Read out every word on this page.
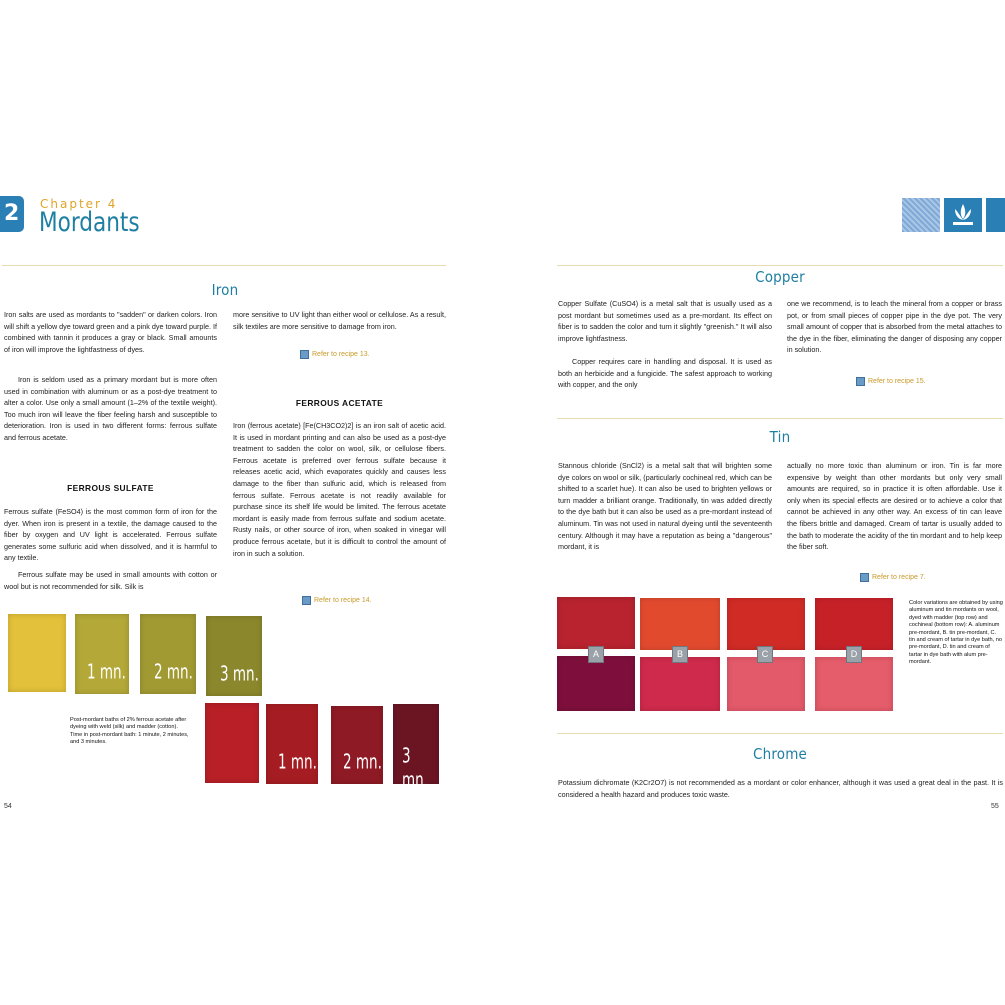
2 Chapter 4
Mordants
Iron

Iron salts are used as mordants to "sadden" or darken colors. Iron will shift a yellow dye toward green and a pink dye toward purple. If combined with tannin it produces a gray or black. Small amounts of iron will improve the lightfastness of dyes.

Iron is seldom used as a primary mordant but is more often used in combination with aluminum or as a post-dye treatment to alter a color. Use only a small amount (1–2% of the textile weight). Too much iron will leave the fiber feeling harsh and susceptible to deterioration. Iron is used in two different forms: ferrous sulfate and ferrous acetate.

FERROUS SULFATE

Ferrous sulfate (FeSO4) is the most common form of iron for the dyer. When iron is present in a textile, the damage caused to the fiber by oxygen and UV light is accelerated. Ferrous sulfate generates some sulfuric acid when dissolved, and it is harmful to any textile.

Ferrous sulfate may be used in small amounts with cotton or wool but is not recommended for silk. Silk is

more sensitive to UV light than either wool or cellulose. As a result, silk textiles are more sensitive to damage from iron.

Refer to recipe 13.
FERROUS ACETATE

Iron (ferrous acetate) [Fe(CH3CO2)2] is an iron salt of acetic acid. It is used in mordant printing and can also be used as a post-dye treatment to sadden the color on wool, silk, or cellulose fibers. Ferrous acetate is preferred over ferrous sulfate because it releases acetic acid, which evaporates quickly and causes less damage to the fiber than sulfuric acid, which is released from ferrous sulfate. Ferrous acetate is not readily available for purchase since its shelf life would be limited. The ferrous acetate mordant is easily made from ferrous sulfate and sodium acetate. Rusty nails, or other source of iron, when soaked in vinegar will produce ferrous acetate, but it is difficult to control the amount of iron in such a solution.

Refer to recipe 14.
1 mn. 2 mn. 3 mn.
Post-mordant baths of 2% ferrous acetate after dyeing with weld (silk) and madder (cotton). Time in post-mordant bath: 1 minute, 2 minutes, and 3 minutes.
1 mn. 2 mn. 3 mn.
54
Copper

Copper Sulfate (CuSO4) is a metal salt that is usually used as a post mordant but sometimes used as a pre-mordant. Its effect on fiber is to sadden the color and turn it slightly "greenish." It will also improve lightfastness.

Copper requires care in handling and disposal. It is used as both an herbicide and a fungicide. The safest approach to working with copper, and the only

one we recommend, is to leach the mineral from a copper or brass pot, or from small pieces of copper pipe in the dye pot. The very small amount of copper that is absorbed from the metal attaches to the dye in the fiber, eliminating the danger of disposing any copper in solution.

Refer to recipe 15.
Tin

Stannous chloride (SnCl2) is a metal salt that will brighten some dye colors on wool or silk, (particularly cochineal red, which can be shifted to a scarlet hue). It can also be used to brighten yellows or turn madder a brilliant orange. Traditionally, tin was added directly to the dye bath but it can also be used as a pre-mordant instead of aluminum. Tin was not used in natural dyeing until the seventeenth century. Although it may have a reputation as being a "dangerous" mordant, it is

actually no more toxic than aluminum or iron. Tin is far more expensive by weight than other mordants but only very small amounts are required, so in practice it is often affordable. Use it only when its special effects are desired or to achieve a color that cannot be achieved in any other way. An excess of tin can leave the fibers brittle and damaged. Cream of tartar is usually added to the bath to moderate the acidity of the tin mordant and to help keep the fiber soft.

Refer to recipe 7.
A	B	C	D
Color variations are obtained by using aluminum and tin mordants on wool, dyed with madder (top row) and cochineal (bottom row): A. aluminum pre-mordant, B. tin pre-mordant, C. tin and cream of tartar in dye bath, no pre-mordant, D. tin and cream of tartar in dye bath with alum pre-mordant.
Chrome

Potassium dichromate (K2Cr2O7) is not recommended as a mordant or color enhancer, although it was used a great deal in the past. It is considered a health hazard and produces toxic waste.

55
